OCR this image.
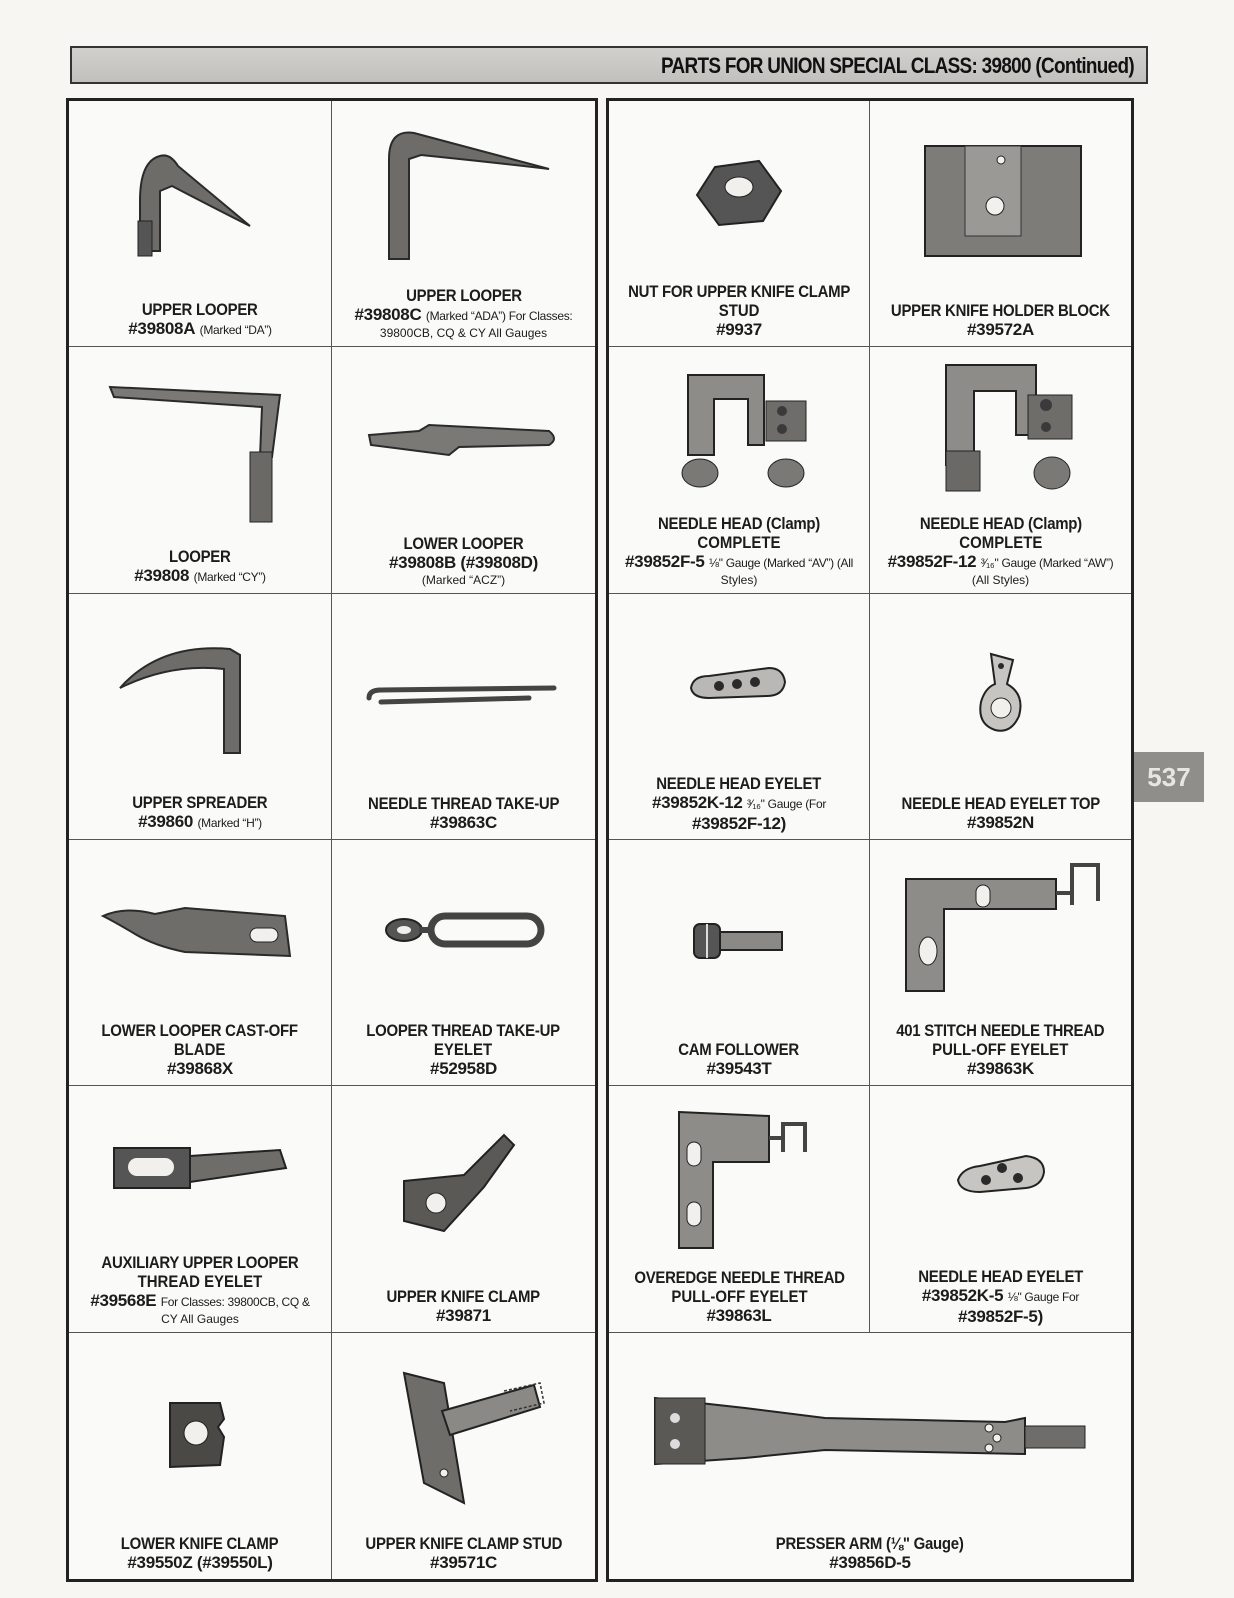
PARTS FOR UNION SPECIAL CLASS: 39800 (Continued)
UPPER LOOPER
#39808A (Marked “DA”)
UPPER LOOPER
#39808C (Marked “ADA”) For Classes:
39800CB, CQ & CY All Gauges
LOOPER
#39808 (Marked “CY”)
LOWER LOOPER
#39808B (#39808D)
(Marked “ACZ”)
UPPER SPREADER
#39860 (Marked “H”)
NEEDLE THREAD TAKE-UP
#39863C
LOWER LOOPER CAST-OFF
BLADE
#39868X
LOOPER THREAD TAKE-UP
EYELET
#52958D
AUXILIARY UPPER LOOPER
THREAD EYELET
#39568E For Classes: 39800CB, CQ &
CY All Gauges
UPPER KNIFE CLAMP
#39871
LOWER KNIFE CLAMP
#39550Z (#39550L)
UPPER KNIFE CLAMP STUD
#39571C
NUT FOR UPPER KNIFE CLAMP
STUD
#9937
UPPER KNIFE HOLDER BLOCK
#39572A
NEEDLE HEAD (Clamp)
COMPLETE
#39852F-5 ⅛" Gauge (Marked “AV”) (All
Styles)
NEEDLE HEAD (Clamp)
COMPLETE
#39852F-12 ³⁄₁₆" Gauge (Marked “AW”)
(All Styles)
NEEDLE HEAD EYELET
#39852K-12 ³⁄₁₆" Gauge (For
#39852F-12)
NEEDLE HEAD EYELET TOP
#39852N
CAM FOLLOWER
#39543T
401 STITCH NEEDLE THREAD
PULL-OFF EYELET
#39863K
OVEREDGE NEEDLE THREAD
PULL-OFF EYELET
#39863L
NEEDLE HEAD EYELET
#39852K-5 ⅛" Gauge For
#39852F-5)
PRESSER ARM (⅛" Gauge)
#39856D-5
537
